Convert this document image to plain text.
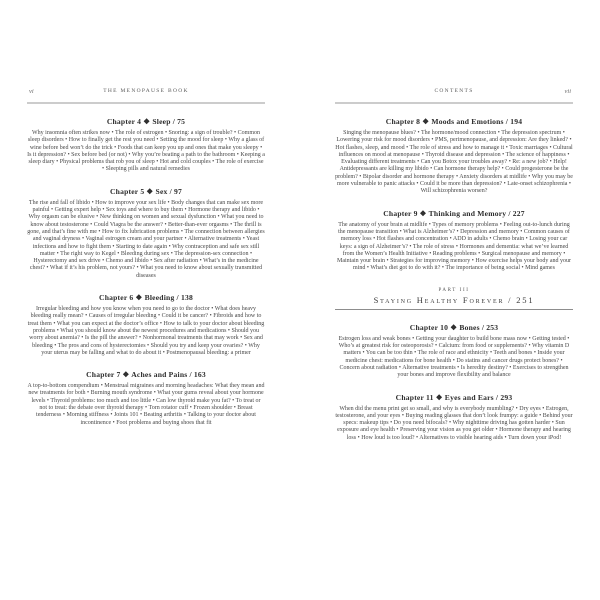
vi	THE MENOPAUSE BOOK
Chapter 4 ❖ Sleep / 75

Why insomnia often strikes now • The role of estrogen • Snoring: a sign of trouble? • Common sleep disorders • How to finally get the rest you need • Setting the mood for sleep • Why a glass of wine before bed won’t do the trick • Foods that can keep you up and ones that make you sleepy • Is it depression? • Sex before bed (or not) • Why you’re beating a path to the bathroom • Keeping a sleep diary • Physical problems that rob you of sleep • Hot and cold couples • The role of exercise • Sleeping pills and natural remedies

Chapter 5 ❖ Sex / 97

The rise and fall of libido • How to improve your sex life • Body changes that can make sex more painful • Getting expert help • Sex toys and where to buy them • Hormone therapy and libido • Why orgasm can be elusive • New thinking on women and sexual dysfunction • What you need to know about testosterone • Could Viagra be the answer? • Better-than-ever orgasms • The thrill is gone, and that’s fine with me • How to fix lubrication problems • The connection between allergies and vaginal dryness • Vaginal estrogen cream and your partner • Alternative treatments • Yeast infections and how to fight them • Starting to date again • Why contraception and safe sex still matter • The right way to Kegel • Bleeding during sex • The depression-sex connection • Hysterectomy and sex drive • Chemo and libido • Sex after radiation • What’s in the medicine chest? • What if it’s his problem, not yours? • What you need to know about sexually transmitted diseases

Chapter 6 ❖ Bleeding / 138

Irregular bleeding and how you know when you need to go to the doctor • What does heavy bleeding really mean? • Causes of irregular bleeding • Could it be cancer? • Fibroids and how to treat them • What you can expect at the doctor’s office • How to talk to your doctor about bleeding problems • What you should know about the newest procedures and medications • Should you worry about anemia? • Is the pill the answer? • Nonhormonal treatments that may work • Sex and bleeding • The pros and cons of hysterectomies • Should you try and keep your ovaries? • Why your uterus may be falling and what to do about it • Postmenopausal bleeding: a primer

Chapter 7 ❖ Aches and Pains / 163

A top-to-bottom compendium • Menstrual migraines and morning headaches: What they mean and new treatments for both • Burning mouth syndrome • What your gums reveal about your hormone levels • Thyroid problems: too much and too little • Can low thyroid make you fat? • To treat or not to treat: the debate over thyroid therapy • Torn rotator cuff • Frozen shoulder • Breast tenderness • Morning stiffness • Joints 101 • Beating arthritis • Talking to your doctor about incontinence • Foot problems and buying shoes that fit

vii
CONTENTS
Chapter 8 ❖ Moods and Emotions / 194

Singing the menopause blues? • The hormone/mood connection • The depression spectrum • Lowering your risk for mood disorders • PMS, perimenopause, and depression: Are they linked? • Hot flashes, sleep, and mood • The role of stress and how to manage it • Toxic marriages • Cultural influences on mood at menopause • Thyroid disease and depression • The science of happiness • Evaluating different treatments • Can you Botox your troubles away? • Re: a new job? • Help! Antidepressants are killing my libido • Can hormone therapy help? • Could progesterone be the problem? • Bipolar disorder and hormone therapy • Anxiety disorders at midlife • Why you may be more vulnerable to panic attacks • Could it be more than depression? • Late-onset schizophrenia • Will schizophrenia worsen?

Chapter 9 ❖ Thinking and Memory / 227

The anatomy of your brain at midlife • Types of memory problems • Feeling out-to-lunch during the menopause transition • What is Alzheimer’s? • Depression and memory • Common causes of memory loss • Hot flashes and concentration • ADD in adults • Chemo brain • Losing your car keys: a sign of Alzheimer’s? • The role of stress • Hormones and dementia: what we’ve learned from the Women’s Health Initiative • Reading problems • Surgical menopause and memory • Maintain your brain • Strategies for improving memory • How exercise helps your body and your mind • What’s diet got to do with it? • The importance of being social • Mind games

PART III
Staying Healthy Forever / 251
Chapter 10 ❖ Bones / 253

Estrogen loss and weak bones • Getting your daughter to build bone mass now • Getting tested • Who’s at greatest risk for osteoporosis? • Calcium: from food or supplements? • Why vitamin D matters • You can be too thin • The role of race and ethnicity • Teeth and bones • Inside your medicine chest: medications for bone health • Do statins and cancer drugs protect bones? • Concern about radiation • Alternative treatments • Is heredity destiny? • Exercises to strengthen your bones and improve flexibility and balance

Chapter 11 ❖ Eyes and Ears / 293

When did the menu print get so small, and why is everybody mumbling? • Dry eyes • Estrogen, testosterone, and your eyes • Buying reading glasses that don’t look frumpy: a guide • Behind your specs: makeup tips • Do you need bifocals? • Why nighttime driving has gotten harder • Sun exposure and eye health • Preserving your vision as you get older • Hormone therapy and hearing loss • How loud is too loud? • Alternatives to visible hearing aids • Turn down your iPod!
